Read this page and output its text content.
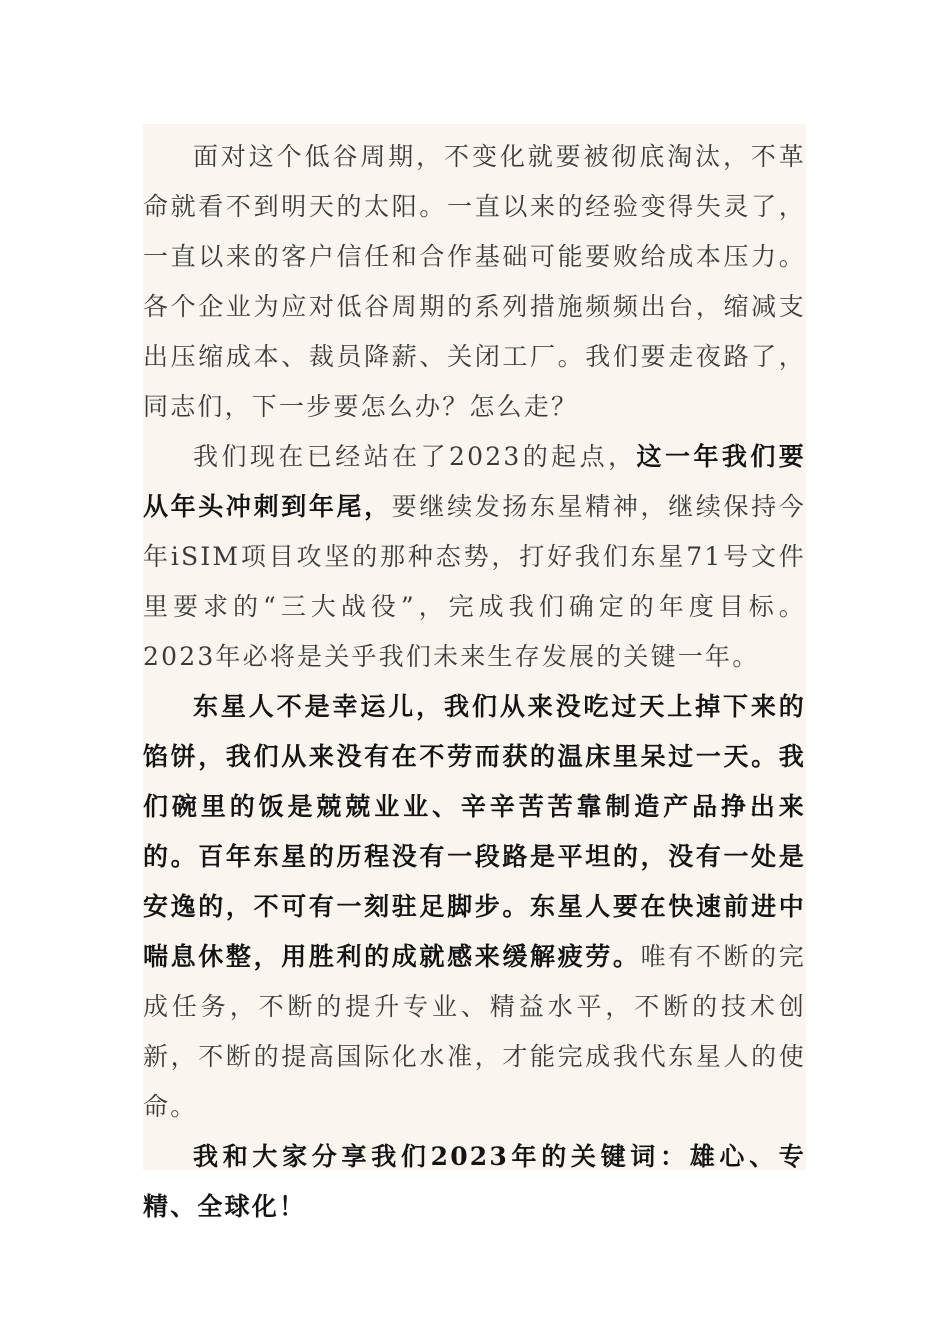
面对这个低谷周期，不变化就要被彻底淘汰，不革命就看不到明天的太阳。一直以来的经验变得失灵了，一直以来的客户信任和合作基础可能要败给成本压力。各个企业为应对低谷周期的系列措施频频出台，缩减支出压缩成本、裁员降薪、关闭工厂。我们要走夜路了，同志们，下一步要怎么办？怎么走？

我们现在已经站在了2023的起点，这一年我们要从年头冲刺到年尾，要继续发扬东星精神，继续保持今年iSIM项目攻坚的那种态势，打好我们东星71号文件里要求的“三大战役”，完成我们确定的年度目标。2023年必将是关乎我们未来生存发展的关键一年。

东星人不是幸运儿，我们从来没吃过天上掉下来的馅饼，我们从来没有在不劳而获的温床里呆过一天。我们碗里的饭是兢兢业业、辛辛苦苦靠制造产品挣出来的。百年东星的历程没有一段路是平坦的，没有一处是安逸的，不可有一刻驻足脚步。东星人要在快速前进中喘息休整，用胜利的成就感来缓解疲劳。唯有不断的完成任务，不断的提升专业、精益水平，不断的技术创新，不断的提高国际化水准，才能完成我代东星人的使命。

我和大家分享我们2023年的关键词：雄心、专精、全球化！
